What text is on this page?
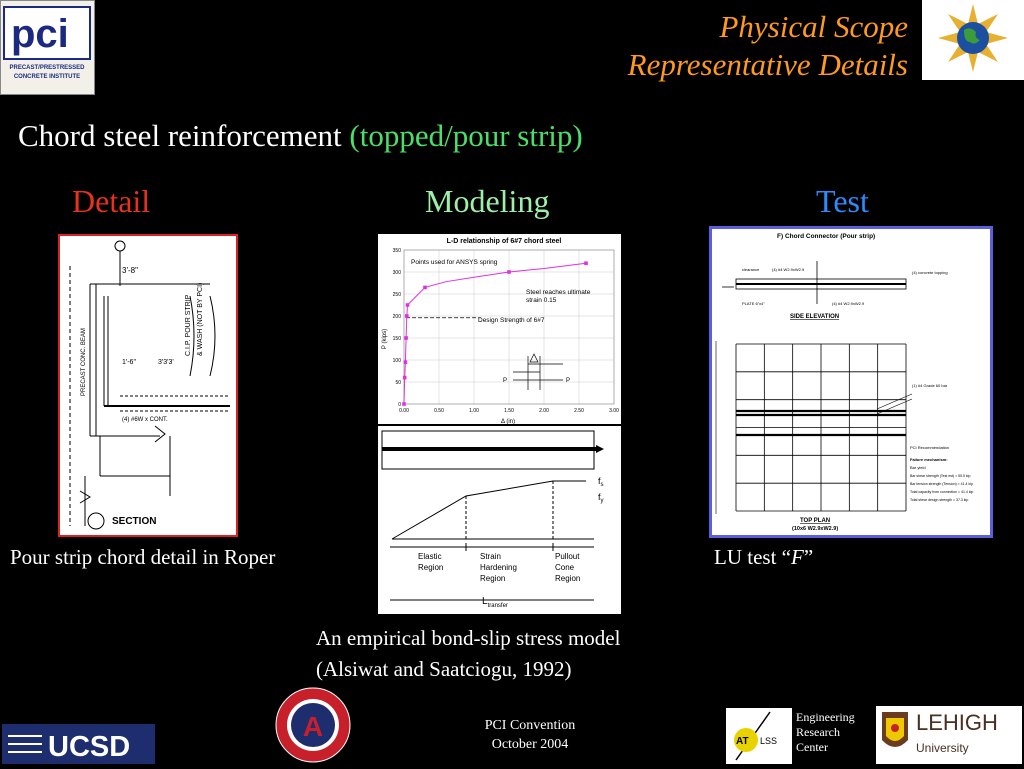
pci
PRECAST/PRESTRESSED
CONCRETE INSTITUTE
Physical Scope
Representative Details
Chord steel reinforcement (topped/pour strip)
Detail	Modeling	Test
3'-8"
1'-6"	3'3'3'
(4) #6W x CONT.
C.I.P. POUR STRIP & WASH (NOT BY PCI)
PRECAST CONC. BEAM
SECTION
Pour strip chord detail in Roper
L-D relationship of 6#7 chord steel
0
50
100
150
200
250
300
350
0.00	0.50	1.00	1.50	2.00	2.50	3.00
P (kips)
Δ (in)
Points used for ANSYS spring
Steel reaches ultimate
strain 0.15
Design Strength of 6#7
P	P
$f_s$
$f_y$
Elastic
Region
Strain
Hardening
Region
Pullout
Cone
Region
$L_{transfer}$
An empirical bond-slip stress model
(Alsiwat and Saatciogu, 1992)
F) Chord Connector (Pour strip)
clearance	(4) #4 W2.9xW2.9
(4) concrete topping
PLATE 6"x4"	(4) #4 W2.9xW2.9
SIDE ELEVATION
(1) #4 Grade 60 bar
PCI Recommendation
Failure mechanism:
Bar yield
Bar shear strength (Test est) = 55.5 kip
Bar tension strength (Tension) = 41.4 kip
Total capacity from connection = 41.4 kip
Total shear design strength = 37.3 kip
TOP PLAN
(10x6 W2.9xW2.9)
LU test “F”
UCSD
A	PCI Convention
October 2004	AT LSS
Engineering
Research
Center
LEHIGH
University
